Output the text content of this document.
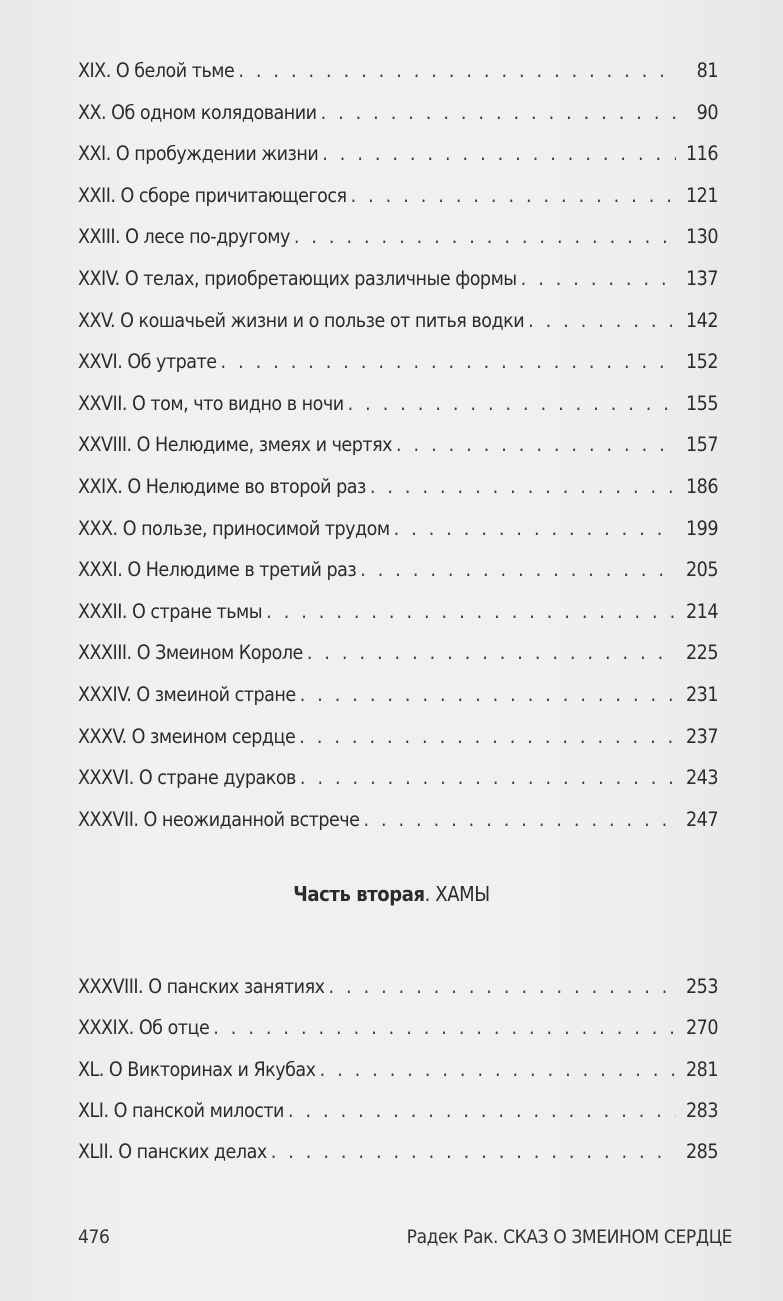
XIX. О белой тьме . . .	81
XX. Об одном колядовании . . .	90
XXI. О пробуждении жизни . . .	116
XXII. О сборе причитающегося . . .	121
XXIII. О лесе по-другому . . .	130
XXIV. О телах, приобретающих различные формы . . .	137
XXV. О кошачьей жизни и о пользе от питья водки . . .	142
XXVI. Об утрате . . .	152
XXVII. О том, что видно в ночи . . .	155
XXVIII. О Нелюдиме, змеях и чертях . . .	157
XXIX. О Нелюдиме во второй раз . . .	186
XXX. О пользе, приносимой трудом . . .	199
XXXI. О Нелюдиме в третий раз . . .	205
XXXII. О стране тьмы . . .	214
XXXIII. О Змеином Короле . . .	225
XXXIV. О змеиной стране . . .	231
XXXV. О змеином сердце . . .	237
XXXVI. О стране дураков . . .	243
XXXVII. О неожиданной встрече . . .	247
Часть вторая. ХАМЫ
XXXVIII. О панских занятиях . . .	253
XXXIX. Об отце . . .	270
XL. О Викторинах и Якубах . . .	281
XLI. О панской милости . . .	283
XLII. О панских делах . . .	285
476	Радек Рак. СКАЗ О ЗМЕИНОМ СЕРДЦЕ
